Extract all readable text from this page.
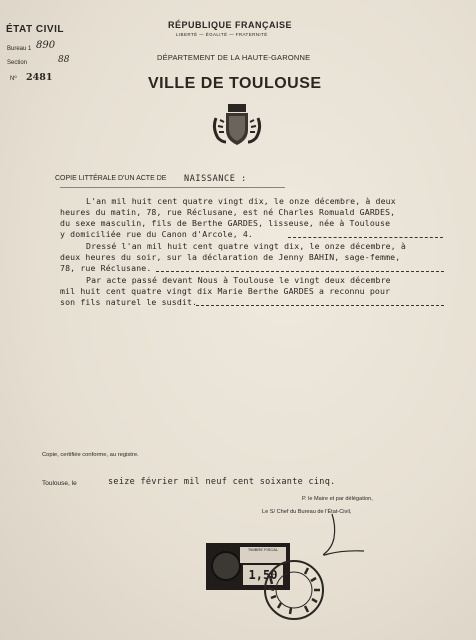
ÉTAT CIVIL
Bureau 1 890
Section	88
Nº 2481
RÉPUBLIQUE FRANÇAISE
LIBERTÉ — ÉGALITÉ — FRATERNITÉ
DÉPARTEMENT DE LA HAUTE-GARONNE
VILLE DE TOULOUSE
COPIE LITTÉRALE D'UN ACTE DE NAISSANCE :
L'an mil huit cent quatre vingt dix, le onze décembre, à deux
heures du matin, 78, rue Réclusane, est né Charles Romuald GARDES,
du sexe masculin, fils de Berthe GARDES, lisseuse, née à Toulouse
y domiciliée rue du Canon d'Arcole, 4.
Dressé l'an mil huit cent quatre vingt dix, le onze décembre, à
deux heures du soir, sur la déclaration de Jenny BAHIN, sage-femme,
78, rue Réclusane.
Par acte passé devant Nous à Toulouse le vingt deux décembre
mil huit cent quatre vingt dix Marie Berthe GARDES a reconnu pour
son fils naturel le susdit.
Copie, certifiée conforme, au registre.
Toulouse, le	seize février mil neuf cent soixante cinq.
P. le Maire et par délégation,
Le S/ Chef du Bureau de l'État-Civil,
TIMBRE FISCAL
1,50
